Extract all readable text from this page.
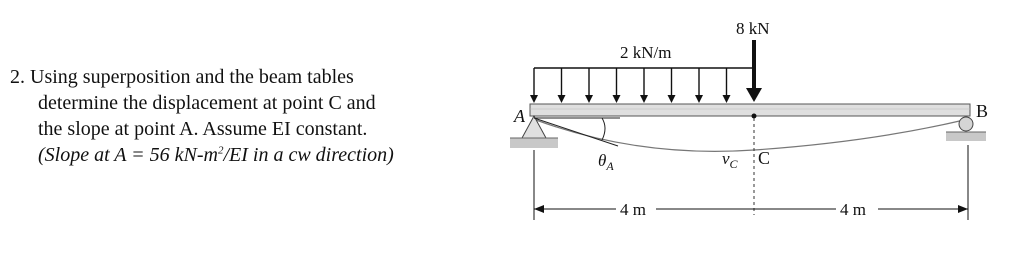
2. Using superposition and the beam tables
determine the displacement at point C and
the slope at point A. Assume EI constant.
(Slope at A = 56 $kN-m^2/EI$ in a cw direction)
2 kN/m
8 kN
$\theta_A$	$v_C$ C
A	B
4 m	4 m
